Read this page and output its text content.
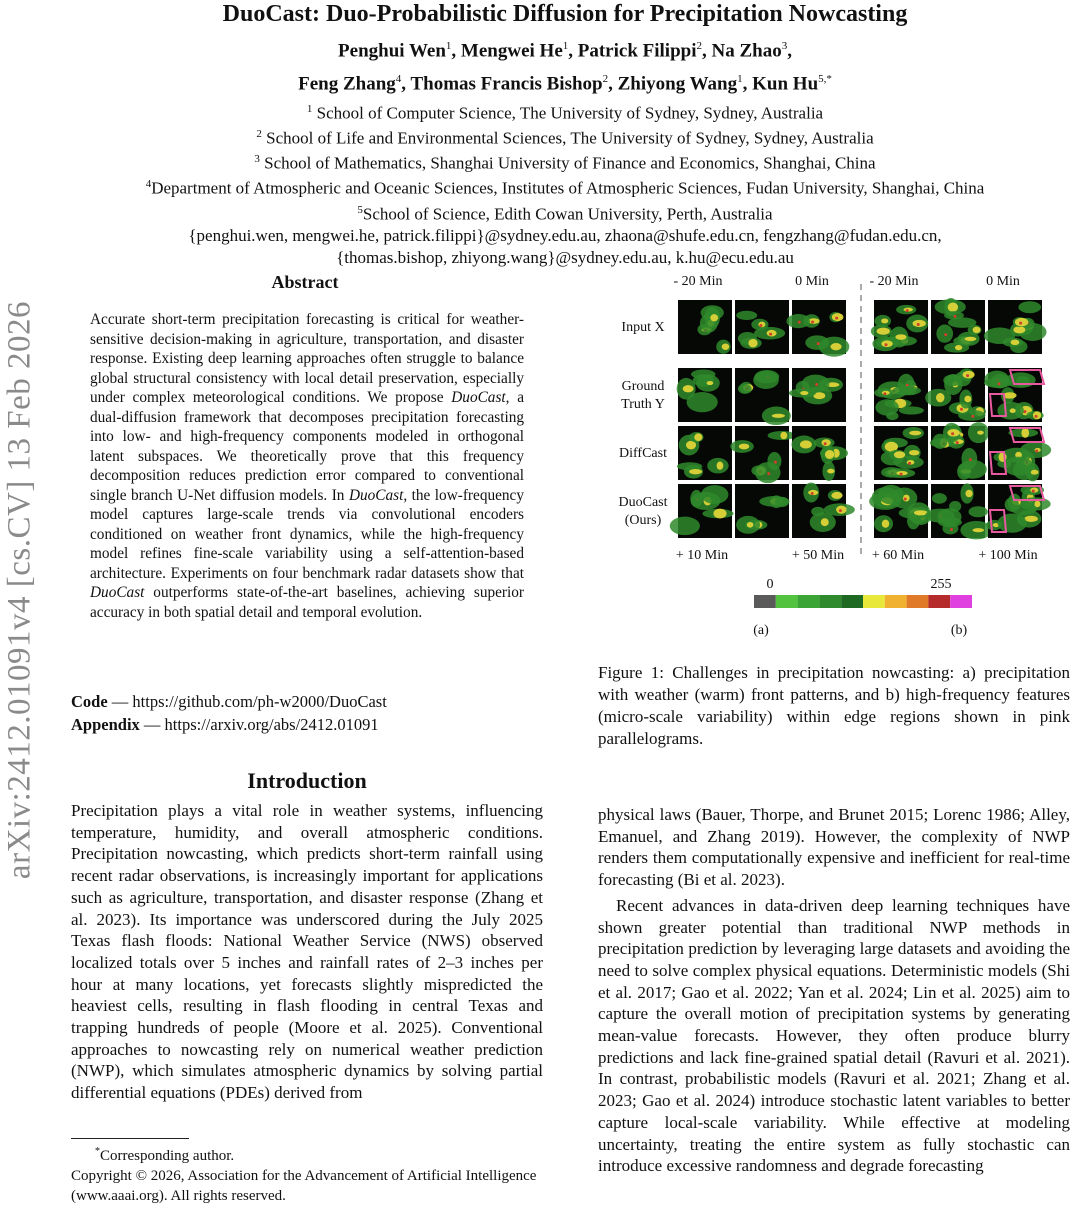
arXiv:2412.01091v4 [cs.CV] 13 Feb 2026
DuoCast: Duo-Probabilistic Diffusion for Precipitation Nowcasting
Penghui Wen$^1$, Mengwei He$^1$, Patrick Filippi$^2$, Na Zhao$^3$,
Feng Zhang$^4$, Thomas Francis Bishop$^2$, Zhiyong Wang$^1$, Kun $Hu^{5,*}$
$^1$ School of Computer Science, The University of Sydney, Sydney, Australia
$^2$ School of Life and Environmental Sciences, The University of Sydney, Sydney, Australia
$^3$ School of Mathematics, Shanghai University of Finance and Economics, Shanghai, China
$^4$Department of Atmospheric and Oceanic Sciences, Institutes of Atmospheric Sciences, Fudan University, Shanghai, China
$^5$School of Science, Edith Cowan University, Perth, Australia
{penghui.wen, mengwei.he, patrick.filippi}@sydney.edu.au, zhaona@shufe.edu.cn, fengzhang@fudan.edu.cn,
{thomas.bishop, zhiyong.wang}@sydney.edu.au, k.hu@ecu.edu.au
Abstract
Accurate short-term precipitation forecasting is critical for weather-sensitive decision-making in agriculture, transportation, and disaster response. Existing deep learning approaches often struggle to balance global structural consistency with local detail preservation, especially under complex meteorological conditions. We propose DuoCast, a dual-diffusion framework that decomposes precipitation forecasting into low- and high-frequency components modeled in orthogonal latent subspaces. We theoretically prove that this frequency decomposition reduces prediction error compared to conventional single branch U-Net diffusion models. In DuoCast, the low-frequency model captures large-scale trends via convolutional encoders conditioned on weather front dynamics, while the high-frequency model refines fine-scale variability using a self-attention-based architecture. Experiments on four benchmark radar datasets show that DuoCast outperforms state-of-the-art baselines, achieving superior accuracy in both spatial detail and temporal evolution.
Code — https://github.com/ph-w2000/DuoCast
Appendix — https://arxiv.org/abs/2412.01091
Introduction
Precipitation plays a vital role in weather systems, influencing temperature, humidity, and overall atmospheric conditions. Precipitation nowcasting, which predicts short-term rainfall using recent radar observations, is increasingly important for applications such as agriculture, transportation, and disaster response (Zhang et al. 2023). Its importance was underscored during the July 2025 Texas flash floods: National Weather Service (NWS) observed localized totals over 5 inches and rainfall rates of 2–3 inches per hour at many locations, yet forecasts slightly mispredicted the heaviest cells, resulting in flash flooding in central Texas and trapping hundreds of people (Moore et al. 2025). Conventional approaches to nowcasting rely on numerical weather prediction (NWP), which simulates atmospheric dynamics by solving partial differential equations (PDEs) derived from
*Corresponding author.
Copyright © 2026, Association for the Advancement of Artificial Intelligence (www.aaai.org). All rights reserved.
- 20 Min	0 Min	- 20 Min	0 Min
Input X
Ground
Truth Y
DiffCast
DuoCast
(Ours)
+ 10 Min	+ 50 Min + 60 Min	+ 100 Min
0	255
(a)	(b)
Figure 1: Challenges in precipitation nowcasting: a) precipitation with weather (warm) front patterns, and b) high-frequency features (micro-scale variability) within edge regions shown in pink parallelograms.

physical laws (Bauer, Thorpe, and Brunet 2015; Lorenc 1986; Alley, Emanuel, and Zhang 2019). However, the complexity of NWP renders them computationally expensive and inefficient for real-time forecasting (Bi et al. 2023).

Recent advances in data-driven deep learning techniques have shown greater potential than traditional NWP methods in precipitation prediction by leveraging large datasets and avoiding the need to solve complex physical equations. Deterministic models (Shi et al. 2017; Gao et al. 2022; Yan et al. 2024; Lin et al. 2025) aim to capture the overall motion of precipitation systems by generating mean-value forecasts. However, they often produce blurry predictions and lack fine-grained spatial detail (Ravuri et al. 2021). In contrast, probabilistic models (Ravuri et al. 2021; Zhang et al. 2023; Gao et al. 2024) introduce stochastic latent variables to better capture local-scale variability. While effective at modeling uncertainty, treating the entire system as fully stochastic can introduce excessive randomness and degrade forecasting
